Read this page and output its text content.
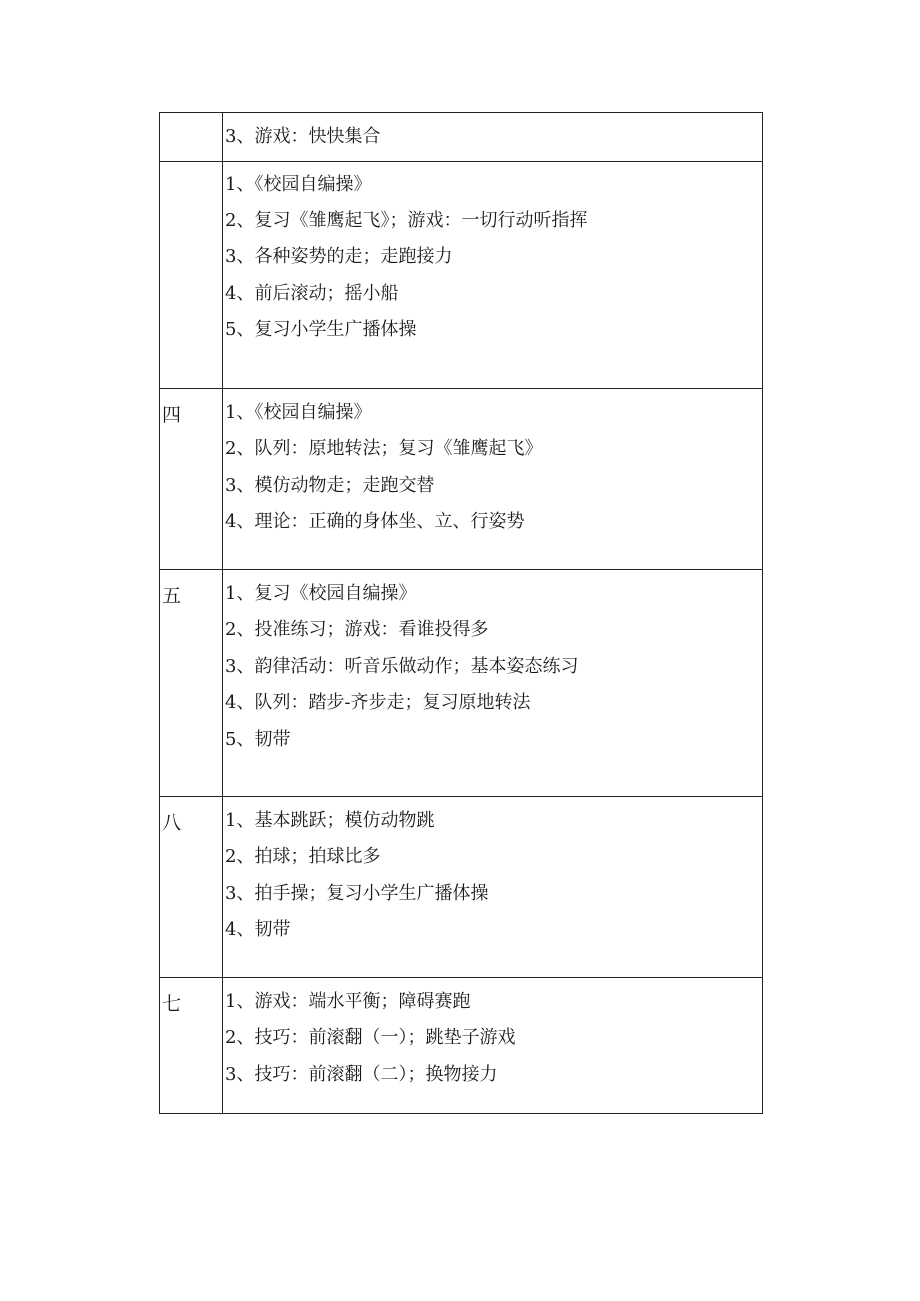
	3、游戏：快快集合

	1、《校园自编操》
2、复习《雏鹰起飞》；游戏：一切行动听指挥
3、各种姿势的走；走跑接力
4、前后滚动；摇小船
5、复习小学生广播体操

四	1、《校园自编操》
2、队列：原地转法；复习《雏鹰起飞》
3、模仿动物走；走跑交替
4、理论：正确的身体坐、立、行姿势

五	1、复习《校园自编操》
2、投准练习；游戏：看谁投得多
3、韵律活动：听音乐做动作；基本姿态练习
4、队列：踏步-齐步走；复习原地转法
5、韧带

八	1、基本跳跃；模仿动物跳
2、拍球；拍球比多
3、拍手操；复习小学生广播体操
4、韧带

七	1、游戏：端水平衡；障碍赛跑
2、技巧：前滚翻（一）；跳垫子游戏
3、技巧：前滚翻（二）；换物接力
